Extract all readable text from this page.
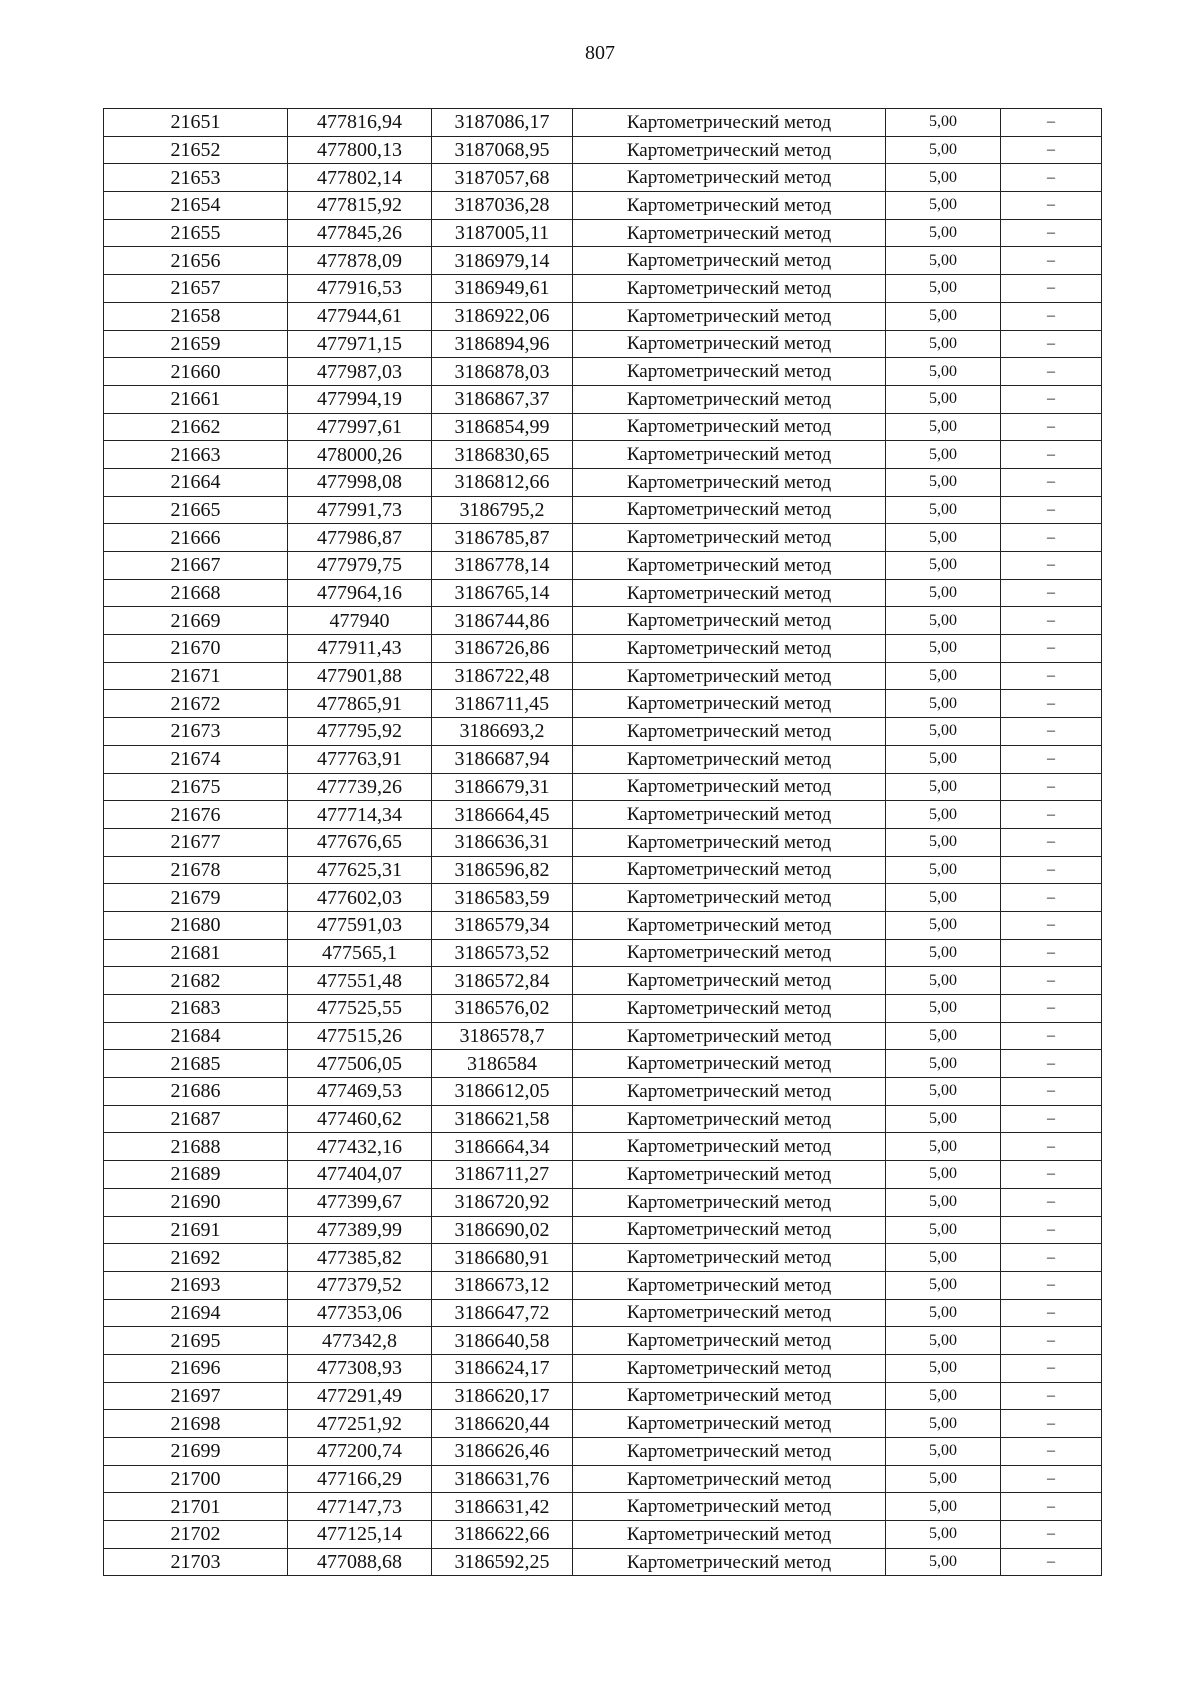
807
21651	477816,94	3187086,17	Картометрический метод	5,00	–
21652	477800,13	3187068,95	Картометрический метод	5,00	–
21653	477802,14	3187057,68	Картометрический метод	5,00	–
21654	477815,92	3187036,28	Картометрический метод	5,00	–
21655	477845,26	3187005,11	Картометрический метод	5,00	–
21656	477878,09	3186979,14	Картометрический метод	5,00	–
21657	477916,53	3186949,61	Картометрический метод	5,00	–
21658	477944,61	3186922,06	Картометрический метод	5,00	–
21659	477971,15	3186894,96	Картометрический метод	5,00	–
21660	477987,03	3186878,03	Картометрический метод	5,00	–
21661	477994,19	3186867,37	Картометрический метод	5,00	–
21662	477997,61	3186854,99	Картометрический метод	5,00	–
21663	478000,26	3186830,65	Картометрический метод	5,00	–
21664	477998,08	3186812,66	Картометрический метод	5,00	–
21665	477991,73	3186795,2	Картометрический метод	5,00	–
21666	477986,87	3186785,87	Картометрический метод	5,00	–
21667	477979,75	3186778,14	Картометрический метод	5,00	–
21668	477964,16	3186765,14	Картометрический метод	5,00	–
21669	477940	3186744,86	Картометрический метод	5,00	–
21670	477911,43	3186726,86	Картометрический метод	5,00	–
21671	477901,88	3186722,48	Картометрический метод	5,00	–
21672	477865,91	3186711,45	Картометрический метод	5,00	–
21673	477795,92	3186693,2	Картометрический метод	5,00	–
21674	477763,91	3186687,94	Картометрический метод	5,00	–
21675	477739,26	3186679,31	Картометрический метод	5,00	–
21676	477714,34	3186664,45	Картометрический метод	5,00	–
21677	477676,65	3186636,31	Картометрический метод	5,00	–
21678	477625,31	3186596,82	Картометрический метод	5,00	–
21679	477602,03	3186583,59	Картометрический метод	5,00	–
21680	477591,03	3186579,34	Картометрический метод	5,00	–
21681	477565,1	3186573,52	Картометрический метод	5,00	–
21682	477551,48	3186572,84	Картометрический метод	5,00	–
21683	477525,55	3186576,02	Картометрический метод	5,00	–
21684	477515,26	3186578,7	Картометрический метод	5,00	–
21685	477506,05	3186584	Картометрический метод	5,00	–
21686	477469,53	3186612,05	Картометрический метод	5,00	–
21687	477460,62	3186621,58	Картометрический метод	5,00	–
21688	477432,16	3186664,34	Картометрический метод	5,00	–
21689	477404,07	3186711,27	Картометрический метод	5,00	–
21690	477399,67	3186720,92	Картометрический метод	5,00	–
21691	477389,99	3186690,02	Картометрический метод	5,00	–
21692	477385,82	3186680,91	Картометрический метод	5,00	–
21693	477379,52	3186673,12	Картометрический метод	5,00	–
21694	477353,06	3186647,72	Картометрический метод	5,00	–
21695	477342,8	3186640,58	Картометрический метод	5,00	–
21696	477308,93	3186624,17	Картометрический метод	5,00	–
21697	477291,49	3186620,17	Картометрический метод	5,00	–
21698	477251,92	3186620,44	Картометрический метод	5,00	–
21699	477200,74	3186626,46	Картометрический метод	5,00	–
21700	477166,29	3186631,76	Картометрический метод	5,00	–
21701	477147,73	3186631,42	Картометрический метод	5,00	–
21702	477125,14	3186622,66	Картометрический метод	5,00	–
21703	477088,68	3186592,25	Картометрический метод	5,00	–
